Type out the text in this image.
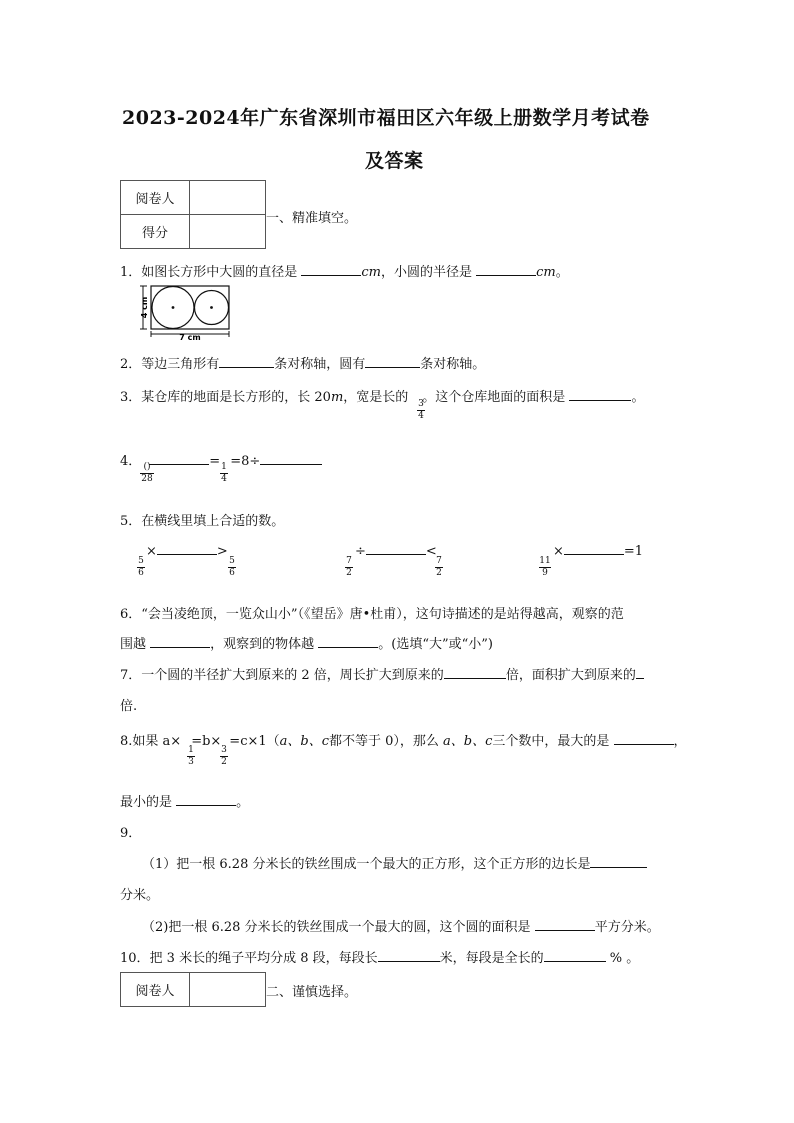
2023-2024年广东省深圳市福田区六年级上册数学月考试卷
及答案
阅卷人	
得分	
一、精准填空。
1．如图长方形中大圆的直径是	cm，小圆的半径是	cm。
4 cm
7 cm
2．等边三角形有	条对称轴，圆有	条对称轴。
3．某仓库的地面是长方形的，长 20m，宽是长的 。这个仓库地面的面积是	。
3
4
4．	= =8÷
()
28
1
4
5．在横线里填上合适的数。
5
6
×	>
5
6
7
2
÷	<
7
2
11
9
×	=1
6．“会当凌绝顶，一览众山小”（《望岳》唐•杜甫），这句诗描述的是站得越高，观察的范
围越	，观察到的物体越	。(选填“大”或“小”)
7．一个圆的半径扩大到原来的 2 倍，周长扩大到原来的	倍，面积扩大到原来的
倍.
8.如果 a× =b× =c×1（a、b、c都不等于 0），那么 a、b、c三个数中，最大的是	，
1
3
3
2
最小的是	。
9．
（1）把一根 6.28 分米长的铁丝围成一个最大的正方形，这个正方形的边长是
分米。
（2)把一根 6.28 分米长的铁丝围成一个最大的圆，这个圆的面积是	平方分米。
10．把 3 米长的绳子平均分成 8 段，每段长	米，每段是全长的	% 。
阅卷人		二、谨慎选择。
